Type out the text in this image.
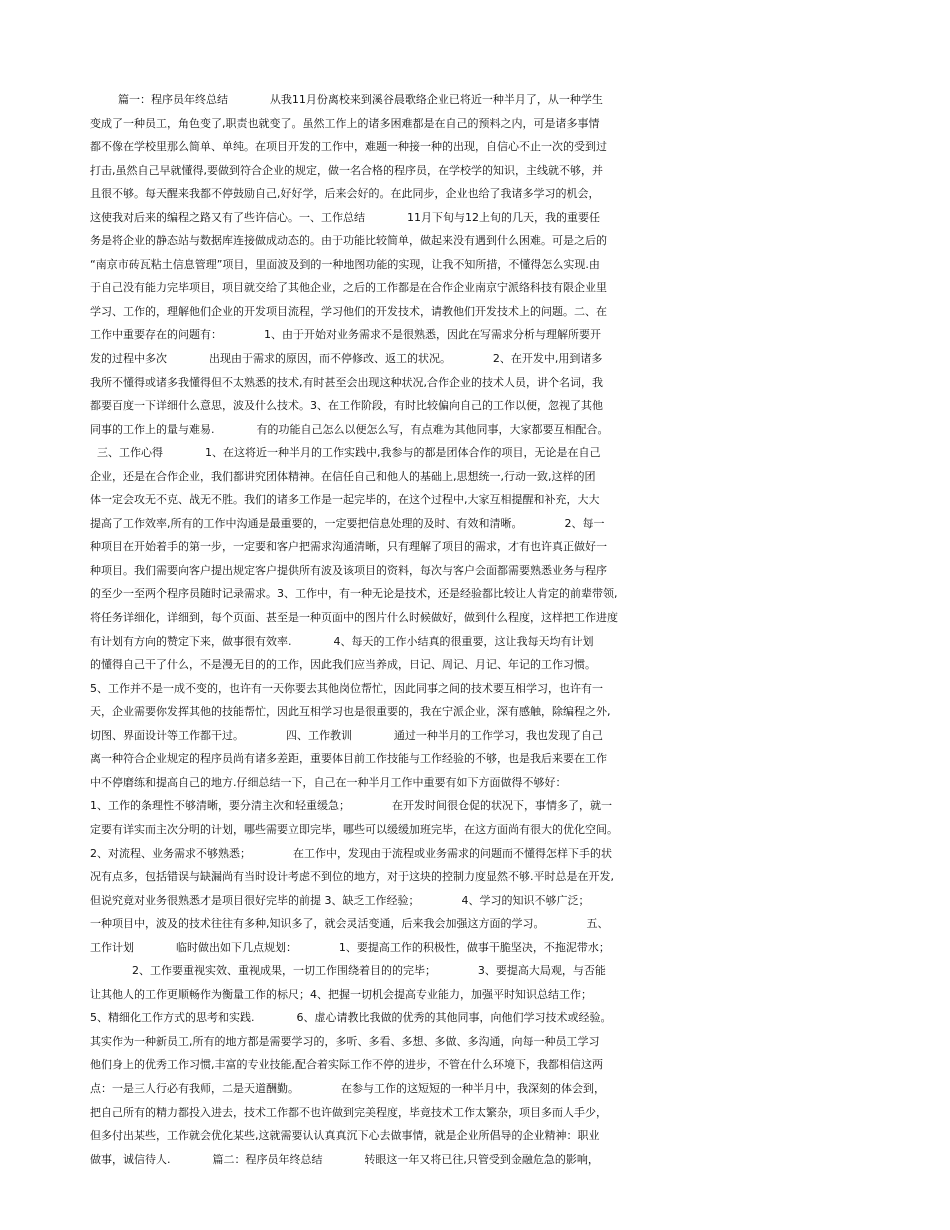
篇一：程序员年终总结            从我11月份离校来到溪谷晨歌络企业已将近一种半月了，从一种学生
变成了一种员工，角色变了,职责也就变了。虽然工作上的诸多困难都是在自己的预料之内，可是诸多事情
都不像在学校里那么简单、单纯。在项目开发的工作中，难题一种接一种的出现，自信心不止一次的受到过
打击,虽然自己早就懂得,要做到符合企业的规定，做一名合格的程序员，在学校学的知识，主线就不够，并
且很不够。每天醒来我都不停鼓励自己,好好学，后来会好的。在此同步，企业也给了我诸多学习的机会，
这使我对后来的编程之路又有了些许信心。一、工作总结            11月下旬与12上旬的几天，我的重要任
务是将企业的静态站与数据库连接做成动态的。由于功能比较简单，做起来没有遇到什么困难。可是之后的
“南京市砖瓦粘土信息管理”项目，里面波及到的一种地图功能的实现，让我不知所措，不懂得怎么实现.由
于自己没有能力完毕项目，项目就交给了其他企业，之后的工作都是在合作企业南京宁派络科技有限企业里
学习、工作的，理解他们企业的开发项目流程，学习他们的开发技术，请教他们开发技术上的问题。二、在
工作中重要存在的问题有：            1、由于开始对业务需求不是很熟悉，因此在写需求分析与理解所要开
发的过程中多次            出现由于需求的原因，而不停修改、返工的状况。            2、在开发中,用到诸多
我所不懂得或诸多我懂得但不太熟悉的技术,有时甚至会出现这种状况,合作企业的技术人员，讲个名词，我
都要百度一下详细什么意思，波及什么技术。3、在工作阶段，有时比较偏向自己的工作以便，忽视了其他
同事的工作上的量与难易.            有的功能自己怎么以便怎么写，有点难为其他同事，大家都要互相配合。
三、工作心得            1、在这将近一种半月的工作实践中,我参与的都是团体合作的项目，无论是在自己
企业，还是在合作企业，我们都讲究团体精神。在信任自己和他人的基础上,思想统一,行动一致,这样的团
体一定会攻无不克、战无不胜。我们的诸多工作是一起完毕的，在这个过程中,大家互相提醒和补充，大大
提高了工作效率,所有的工作中沟通是最重要的，一定要把信息处理的及时、有效和清晰。            2、每一
种项目在开始着手的第一步，一定要和客户把需求沟通清晰，只有理解了项目的需求，才有也许真正做好一
种项目。我们需要向客户提出规定客户提供所有波及该项目的资料，每次与客户会面都需要熟悉业务与程序
的至少一至两个程序员随时记录需求。3、工作中，有一种无论是技术，还是经验都比较让人肯定的前辈带领,
将任务详细化，详细到，每个页面、甚至是一种页面中的图片什么时候做好，做到什么程度，这样把工作进度
有计划有方向的赞定下来，做事很有效率.            4、每天的工作小结真的很重要，这让我每天均有计划
的懂得自己干了什么，不是漫无目的的工作，因此我们应当养成，日记、周记、月记、年记的工作习惯。
5、工作并不是一成不变的，也许有一天你要去其他岗位帮忙，因此同事之间的技术要互相学习，也许有一
天，企业需要你发挥其他的技能帮忙，因此互相学习也是很重要的，我在宁派企业，深有感触，除编程之外,
切图、界面设计等工作都干过。            四、工作教训            通过一种半月的工作学习，我也发现了自己
离一种符合企业规定的程序员尚有诸多差距，重要体目前工作技能与工作经验的不够，也是我后来要在工作
中不停磨练和提高自己的地方.仔细总结一下，自己在一种半月工作中重要有如下方面做得不够好：
1、工作的条理性不够清晰，要分清主次和轻重缓急；            在开发时间很仓促的状况下，事情多了，就一
定要有详实而主次分明的计划，哪些需要立即完毕，哪些可以缓缓加班完毕，在这方面尚有很大的优化空间。
2、对流程、业务需求不够熟悉；            在工作中，发现由于流程或业务需求的问题而不懂得怎样下手的状
况有点多，包括错误与缺漏尚有当时设计考虑不到位的地方，对于这块的控制力度显然不够.平时总是在开发,
但说究竟对业务很熟悉才是项目很好完毕的前提 3、缺乏工作经验；            4、学习的知识不够广泛；
一种项目中，波及的技术往往有多种,知识多了，就会灵活变通，后来我会加强这方面的学习。            五、
工作计划            临时做出如下几点规划：            1、要提高工作的积极性，做事干脆坚决，不拖泥带水；
2、工作要重视实效、重视成果，一切工作围绕着目的的完毕；            3、要提高大局观，与否能
让其他人的工作更顺畅作为衡量工作的标尺；4、把握一切机会提高专业能力，加强平时知识总结工作；
5、精细化工作方式的思考和实践.            6、虚心请教比我做的优秀的其他同事，向他们学习技术或经验。
其实作为一种新员工,所有的地方都是需要学习的，多听、多看、多想、多做、多沟通，向每一种员工学习
他们身上的优秀工作习惯,丰富的专业技能,配合着实际工作不停的进步，不管在什么环境下，我都相信这两
点：一是三人行必有我师，二是天道酬勤。            在参与工作的这短短的一种半月中，我深刻的体会到，
把自己所有的精力都投入进去，技术工作都不也许做到完美程度，毕竟技术工作太繁杂，项目多而人手少，
但多付出某些，工作就会优化某些,这就需要认认真真沉下心去做事情，就是企业所倡导的企业精神：职业
做事，诚信待人.            篇二：程序员年终总结            转眼这一年又将已往,只管受到金融危急的影响，
